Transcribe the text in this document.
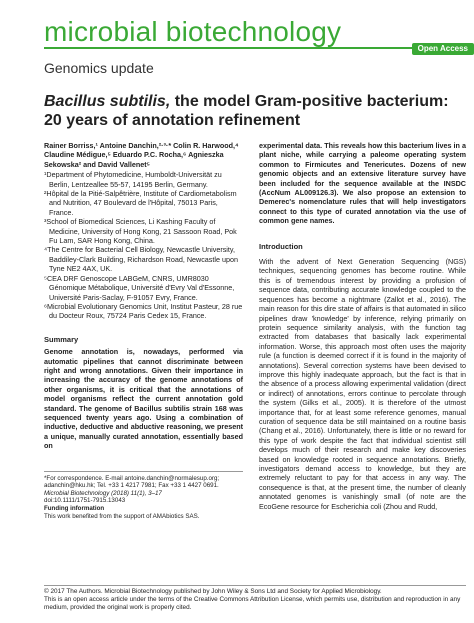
microbial biotechnology
Open Access
Genomics update
Bacillus subtilis, the model Gram-positive bacterium: 20 years of annotation refinement
Rainer Borriss,¹ Antoine Danchin,²·³·* Colin R. Harwood,⁴ Claudine Médigue,⁵ Eduardo P.C. Rocha,⁶ Agnieszka Sekowska² and David Vallenet⁵
¹Department of Phytomedicine, Humboldt-Universität zu Berlin, Lentzeallee 55-57, 14195 Berlin, Germany.
²Hôpital de la Pitié-Salpêtrière, Institute of Cardiometabolism and Nutrition, 47 Boulevard de l'Hôpital, 75013 Paris, France.
³School of Biomedical Sciences, Li Kashing Faculty of Medicine, University of Hong Kong, 21 Sassoon Road, Pok Fu Lam, SAR Hong Kong, China.
⁴The Centre for Bacterial Cell Biology, Newcastle University, Baddiley-Clark Building, Richardson Road, Newcastle upon Tyne NE2 4AX, UK.
⁵CEA DRF Genoscope LABGeM, CNRS, UMR8030 Génomique Métabolique, Université d'Evry Val d'Essonne, Université Paris-Saclay, F-91057 Evry, France.
⁶Microbial Evolutionary Genomics Unit, Institut Pasteur, 28 rue du Docteur Roux, 75724 Paris Cedex 15, France.
Summary
Genome annotation is, nowadays, performed via automatic pipelines that cannot discriminate between right and wrong annotations. Given their importance in increasing the accuracy of the genome annotations of other organisms, it is critical that the annotations of model organisms reflect the current annotation gold standard. The genome of Bacillus subtilis strain 168 was sequenced twenty years ago. Using a combination of inductive, deductive and abductive reasoning, we present a unique, manually curated annotation, essentially based on
*For correspondence. E-mail antoine.danchin@normalesup.org; adanchin@hku.hk; Tel. +33 1 4217 7981; Fax +33 1 4427 0691.
Microbial Biotechnology (2018) 11(1), 3–17
doi:10.1111/1751-7915.13043
Funding information
This work benefited from the support of AMAbiotics SAS.
experimental data. This reveals how this bacterium lives in a plant niche, while carrying a paleome operating system common to Firmicutes and Tenericutes. Dozens of new genomic objects and an extensive literature survey have been included for the sequence available at the INSDC (AccNum AL009126.3). We also propose an extension to Demerec's nomenclature rules that will help investigators connect to this type of curated annotation via the use of common gene names.
Introduction

With the advent of Next Generation Sequencing (NGS) techniques, sequencing genomes has become routine. While this is of tremendous interest by providing a profusion of sequence data, contributing accurate knowledge coupled to the sequences has become a nightmare (Zallot et al., 2016). The main reason for this dire state of affairs is that automated in silico pipelines draw 'knowledge' by inference, relying primarily on protein sequence similarity analysis, with the function tag extracted from databases that basically lack experimental information. Worse, this approach most often uses the majority rule (a function is deemed correct if it is found in the majority of annotations). Several correction systems have been devised to improve this highly inadequate approach, but the fact is that in the absence of a process allowing experimental validation (direct or indirect) of annotations, errors continue to percolate through the system (Gilks et al., 2005). It is therefore of the utmost importance that, for at least some reference genomes, manual curation of sequence data be still maintained on a routine basis (Chang et al., 2016). Unfortunately, there is little or no reward for this type of work despite the fact that individual scientist still develops much of their research and make key discoveries based on knowledge rooted in sequence annotations. Briefly, investigators demand access to knowledge, but they are extremely reluctant to pay for that access in any way. The consequence is that, at the present time, the number of cleanly annotated genomes is vanishingly small (of note are the EcoGene resource for Escherichia coli (Zhou and Rudd,

© 2017 The Authors. Microbial Biotechnology published by John Wiley & Sons Ltd and Society for Applied Microbiology.
This is an open access article under the terms of the Creative Commons Attribution License, which permits use, distribution and reproduction in any medium, provided the original work is properly cited.
